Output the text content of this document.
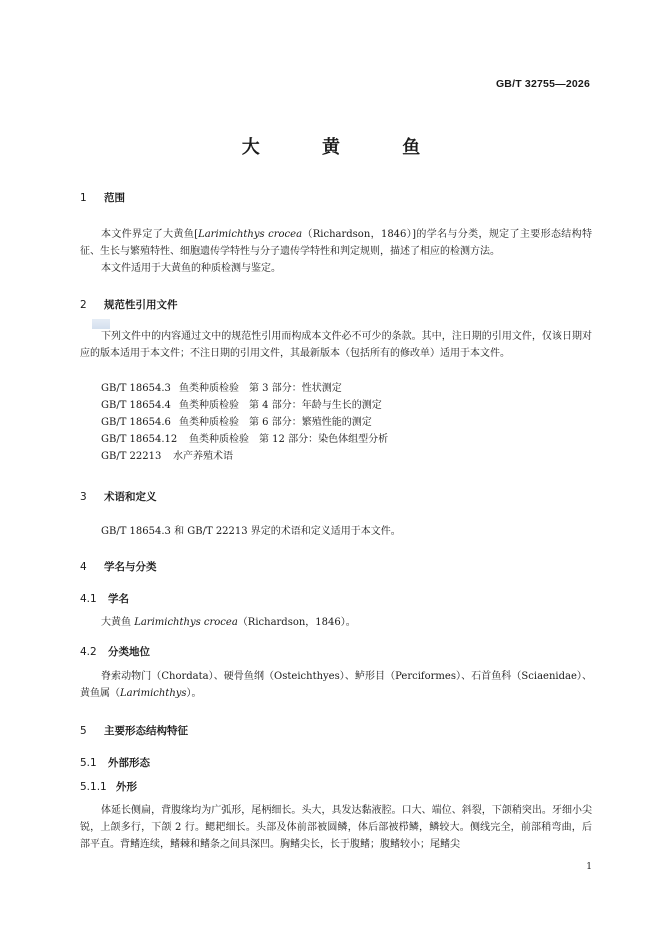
GB/T 32755—2026
大 黄 鱼
1 范围
本文件界定了大黄鱼[Larimichthys crocea（Richardson，1846）]的学名与分类，规定了主要形态结构特征、生长与繁殖特性、细胞遗传学特性与分子遗传学特性和判定规则，描述了相应的检测方法。
本文件适用于大黄鱼的种质检测与鉴定。
2 规范性引用文件
下列文件中的内容通过文中的规范性引用而构成本文件必不可少的条款。其中，注日期的引用文件，仅该日期对应的版本适用于本文件；不注日期的引用文件，其最新版本（包括所有的修改单）适用于本文件。
GB/T 18654.3 鱼类种质检验　第 3 部分：性状测定
GB/T 18654.4 鱼类种质检验　第 4 部分：年龄与生长的测定
GB/T 18654.6 鱼类种质检验　第 6 部分：繁殖性能的测定
GB/T 18654.12 鱼类种质检验　第 12 部分：染色体组型分析
GB/T 22213 水产养殖术语
3 术语和定义
GB/T 18654.3 和 GB/T 22213 界定的术语和定义适用于本文件。
4 学名与分类
4.1 学名
大黄鱼 Larimichthys crocea（Richardson，1846）。
4.2 分类地位
脊索动物门（Chordata）、硬骨鱼纲（Osteichthyes）、鲈形目（Perciformes）、石首鱼科（Sciaenidae）、黄鱼属（Larimichthys）。
5 主要形态结构特征
5.1 外部形态
5.1.1 外形
体延长侧扁，背腹缘均为广弧形，尾柄细长。头大，具发达黏液腔。口大、端位、斜裂，下颌稍突出。牙细小尖锐，上颌多行，下颌 2 行。鳃耙细长。头部及体前部被圆鳞，体后部被栉鳞，鳞较大。侧线完全，前部稍弯曲，后部平直。背鳍连续，鳍棘和鳍条之间具深凹。胸鳍尖长，长于腹鳍；腹鳍较小；尾鳍尖
1
